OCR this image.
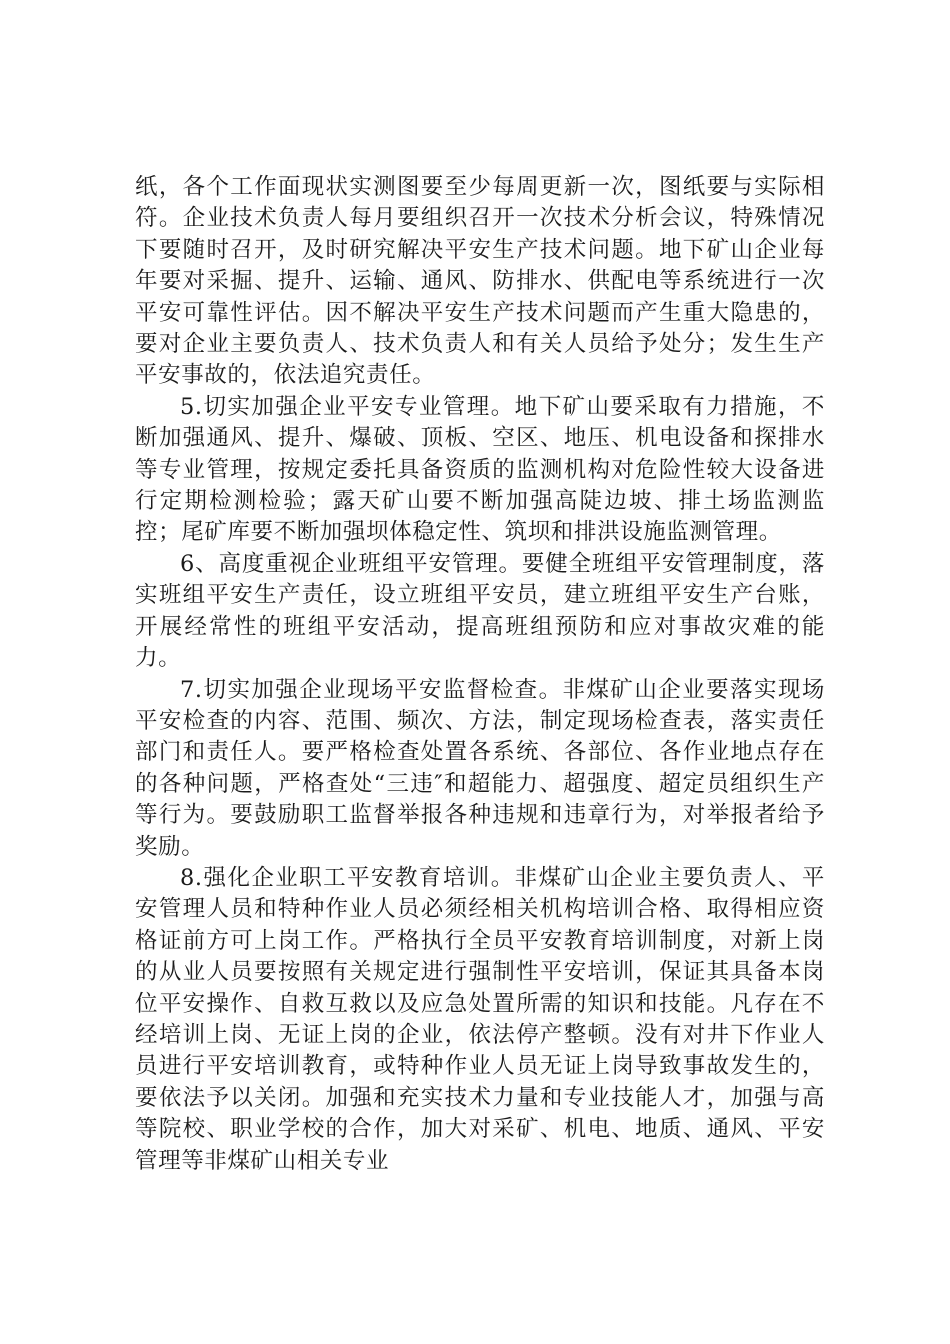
纸，各个工作面现状实测图要至少每周更新一次，图纸要与实际相符。企业技术负责人每月要组织召开一次技术分析会议，特殊情况下要随时召开，及时研究解决平安生产技术问题。地下矿山企业每年要对采掘、提升、运输、通风、防排水、供配电等系统进行一次平安可靠性评估。因不解决平安生产技术问题而产生重大隐患的，要对企业主要负责人、技术负责人和有关人员给予处分；发生生产平安事故的，依法追究责任。

5.切实加强企业平安专业管理。地下矿山要采取有力措施，不断加强通风、提升、爆破、顶板、空区、地压、机电设备和探排水等专业管理，按规定委托具备资质的监测机构对危险性较大设备进行定期检测检验；露天矿山要不断加强高陡边坡、排土场监测监控；尾矿库要不断加强坝体稳定性、筑坝和排洪设施监测管理。

6、高度重视企业班组平安管理。要健全班组平安管理制度，落实班组平安生产责任，设立班组平安员，建立班组平安生产台账，开展经常性的班组平安活动，提高班组预防和应对事故灾难的能力。

7.切实加强企业现场平安监督检查。非煤矿山企业要落实现场平安检查的内容、范围、频次、方法，制定现场检查表，落实责任部门和责任人。要严格检查处置各系统、各部位、各作业地点存在的各种问题，严格查处“三违″和超能力、超强度、超定员组织生产等行为。要鼓励职工监督举报各种违规和违章行为，对举报者给予奖励。

8.强化企业职工平安教育培训。非煤矿山企业主要负责人、平安管理人员和特种作业人员必须经相关机构培训合格、取得相应资格证前方可上岗工作。严格执行全员平安教育培训制度，对新上岗的从业人员要按照有关规定进行强制性平安培训，保证其具备本岗位平安操作、自救互救以及应急处置所需的知识和技能。凡存在不经培训上岗、无证上岗的企业，依法停产整顿。没有对井下作业人员进行平安培训教育，或特种作业人员无证上岗导致事故发生的，要依法予以关闭。加强和充实技术力量和专业技能人才，加强与高等院校、职业学校的合作，加大对采矿、机电、地质、通风、平安管理等非煤矿山相关专业
